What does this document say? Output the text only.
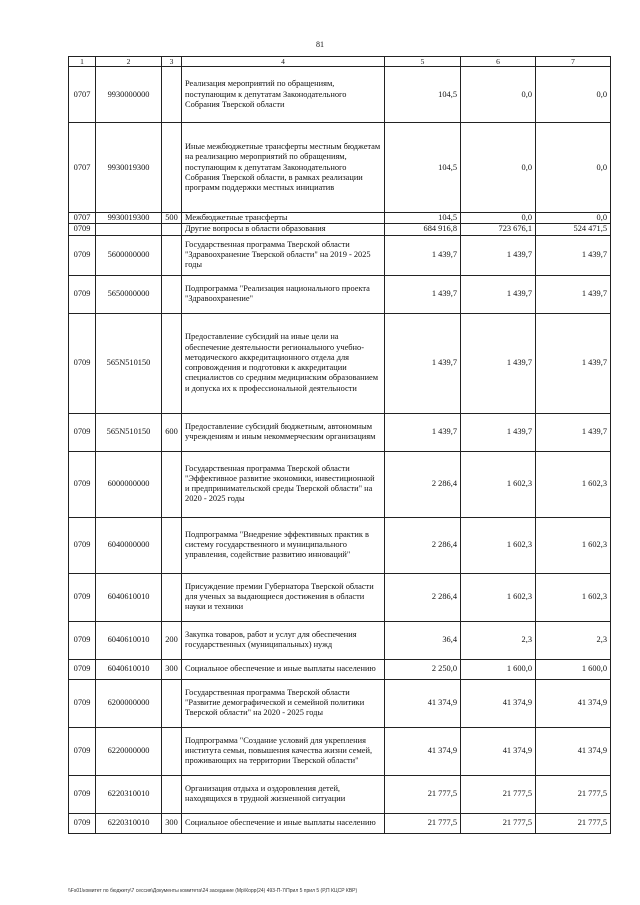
81
1	2	3	4	5	6	7
0707	9930000000		Реализация мероприятий по обращениям, поступающим к депутатам Законодательного Собрания Тверской области	104,5	0,0	0,0
0707	9930019300		Иные межбюджетные трансферты местным бюджетам на реализацию мероприятий по обращениям, поступающим к депутатам Законодательного Собрания Тверской области, в рамках реализации программ поддержки местных инициатив	104,5	0,0	0,0
0707	9930019300	500	Межбюджетные трансферты	104,5	0,0	0,0
0709			Другие вопросы в области образования	684 916,8	723 676,1	524 471,5
0709	5600000000		Государственная программа Тверской области "Здравоохранение Тверской области" на 2019 - 2025 годы	1 439,7	1 439,7	1 439,7
0709	5650000000		Подпрограмма "Реализация национального проекта "Здравоохранение"	1 439,7	1 439,7	1 439,7
0709	565N510150		Предоставление субсидий на иные цели на обеспечение деятельности регионального учебно-методического аккредитационного отдела для сопровождения и подготовки к аккредитации специалистов со средним медицинским образованием и допуска их к профессиональной деятельности	1 439,7	1 439,7	1 439,7
0709	565N510150	600	Предоставление субсидий бюджетным, автономным учреждениям и иным некоммерческим организациям	1 439,7	1 439,7	1 439,7
0709	6000000000		Государственная программа Тверской области "Эффективное развитие экономики, инвестиционной и предпринимательской среды Тверской области" на 2020 - 2025 годы	2 286,4	1 602,3	1 602,3
0709	6040000000		Подпрограмма "Внедрение эффективных практик в систему государственного и муниципального управления, содействие развитию инноваций"	2 286,4	1 602,3	1 602,3
0709	6040610010		Присуждение премии Губернатора Тверской области для ученых за выдающиеся достижения в области науки и техники	2 286,4	1 602,3	1 602,3
0709	6040610010	200	Закупка товаров, работ и услуг для обеспечения государственных (муниципальных) нужд	36,4	2,3	2,3
0709	6040610010	300	Социальное обеспечение и иные выплаты населению	2 250,0	1 600,0	1 600,0
0709	6200000000		Государственная программа Тверской области "Развитие демографической и семейной политики Тверской области" на 2020 - 2025 годы	41 374,9	41 374,9	41 374,9
0709	6220000000		Подпрограмма "Создание условий для укрепления института семьи, повышения качества жизни семей, проживающих на территории Тверской области"	41 374,9	41 374,9	41 374,9
0709	6220310010		Организация отдыха и оздоровления детей, находящихся в трудной жизненной ситуации	21 777,5	21 777,5	21 777,5
0709	6220310010	300	Социальное обеспечение и иные выплаты населению	21 777,5	21 777,5	21 777,5
\\Fs01\комитет по бюджету\7 сессия\Документы комитета\24 заседание (Мр\Корр(24) 493-П-7\Прил 5 прил 5 (Р,П КЦСР КВР)
